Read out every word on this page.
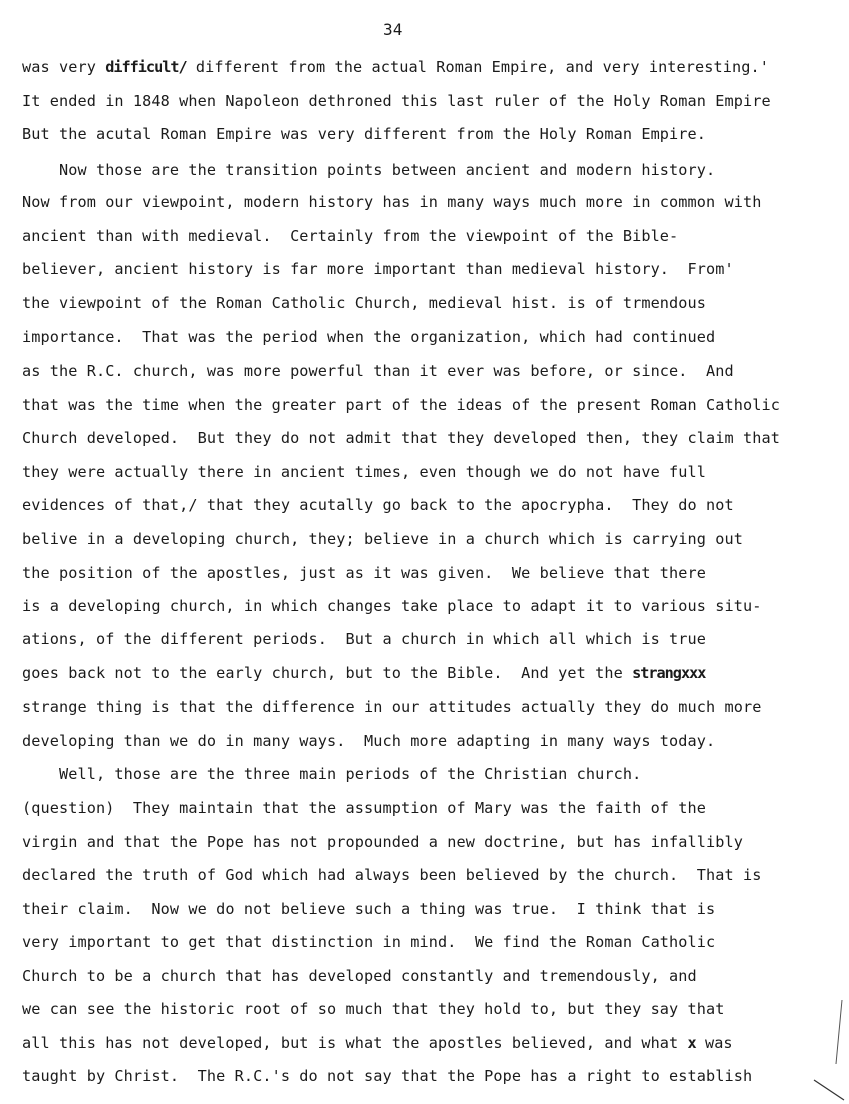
34
was very difficult/ different from the actual Roman Empire, and very interesting.'
It ended in 1848 when Napoleon dethroned this last ruler of the Holy Roman Empire
But the acutal Roman Empire was very different from the Holy Roman Empire.
Now those are the transition points between ancient and modern history.
Now from our viewpoint, modern history has in many ways much more in common with
ancient than with medieval.  Certainly from the viewpoint of the Bible-
believer, ancient history is far more important than medieval history.  From'
the viewpoint of the Roman Catholic Church, medieval hist. is of trmendous
importance.  That was the period when the organization, which had continued
as the R.C. church, was more powerful than it ever was before, or since.  And
that was the time when the greater part of the ideas of the present Roman Catholic
Church developed.  But they do not admit that they developed then, they claim that
they were actually there in ancient times, even though we do not have full
evidences of that,/ that they acutally go back to the apocrypha.  They do not
belive in a developing church, they; believe in a church which is carrying out
the position of the apostles, just as it was given.  We believe that there
is a developing church, in which changes take place to adapt it to various situ-
ations, of the different periods.  But a church in which all which is true
goes back not to the early church, but to the Bible.  And yet the strangxxx
strange thing is that the difference in our attitudes actually they do much more
developing than we do in many ways.  Much more adapting in many ways today.
Well, those are the three main periods of the Christian church.
(question)  They maintain that the assumption of Mary was the faith of the
virgin and that the Pope has not propounded a new doctrine, but has infallibly
declared the truth of God which had always been believed by the church.  That is
their claim.  Now we do not believe such a thing was true.  I think that is
very important to get that distinction in mind.  We find the Roman Catholic
Church to be a church that has developed constantly and tremendously, and
we can see the historic root of so much that they hold to, but they say that
all this has not developed, but is what the apostles believed, and what x was
taught by Christ.  The R.C.'s do not say that the Pope has a right to establish
